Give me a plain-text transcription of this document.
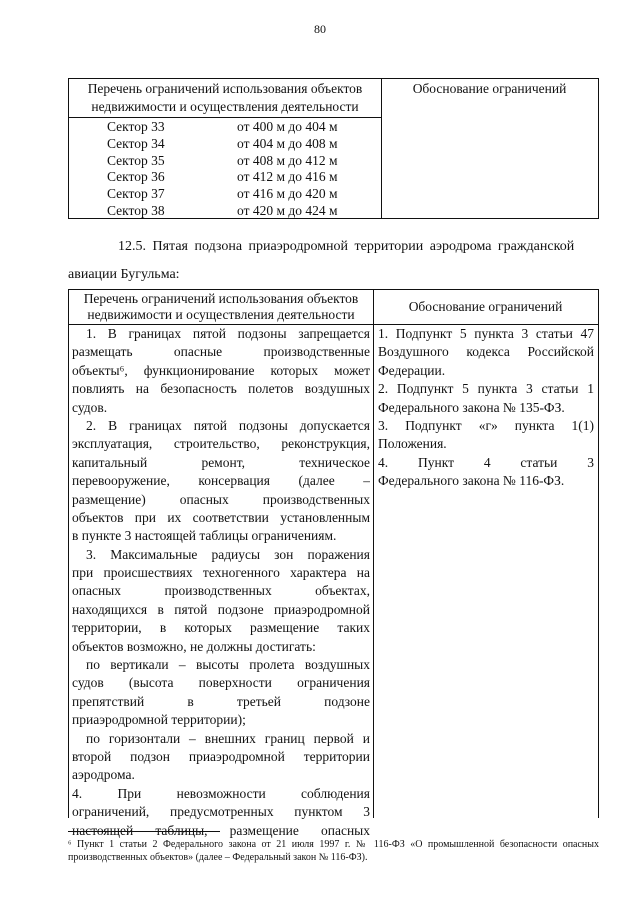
80
Перечень ограничений использования объектов
недвижимости и осуществления деятельности
Обоснование ограничений
Сектор 33	от 400 м до 404 м
Сектор 34	от 404 м до 408 м
Сектор 35	от 408 м до 412 м
Сектор 36	от 412 м до 416 м
Сектор 37	от 416 м до 420 м
Сектор 38	от 420 м до 424 м
12.5. Пятая подзона приаэродромной территории аэродрома гражданской
авиации Бугульма:
Перечень ограничений использования объектов
недвижимости и осуществления деятельности
Обоснование ограничений
1. В границах пятой подзоны запрещается
размещать опасные производственные
объекты⁶, функционирование которых может
повлиять на безопасность полетов воздушных
судов.
2. В границах пятой подзоны допускается
эксплуатация, строительство, реконструкция,
капитальный ремонт, техническое
перевооружение, консервация (далее –
размещение) опасных производственных
объектов при их соответствии установленным
в пункте 3 настоящей таблицы ограничениям.
3. Максимальные радиусы зон поражения
при происшествиях техногенного характера на
опасных производственных объектах,
находящихся в пятой подзоне приаэродромной
территории, в которых размещение таких
объектов возможно, не должны достигать:
по вертикали – высоты пролета воздушных
судов (высота поверхности ограничения
препятствий в третьей подзоне
приаэродромной территории);
по горизонтали – внешних границ первой и
второй подзон приаэродромной территории
аэродрома.
4. При невозможности соблюдения
ограничений, предусмотренных пунктом 3
настоящей таблицы, размещение опасных
1. Подпункт 5 пункта 3 статьи 47
Воздушного кодекса Российской
Федерации.
2. Подпункт 5 пункта 3 статьи 1
Федерального закона № 135-ФЗ.
3. Подпункт «г» пункта 1(1)
Положения.
4. Пункт 4 статьи 3
Федерального закона № 116-ФЗ.
⁶ Пункт 1 статьи 2 Федерального закона от 21 июля 1997 г. № 116-ФЗ «О промышленной безопасности опасных
производственных объектов» (далее – Федеральный закон № 116-ФЗ).
